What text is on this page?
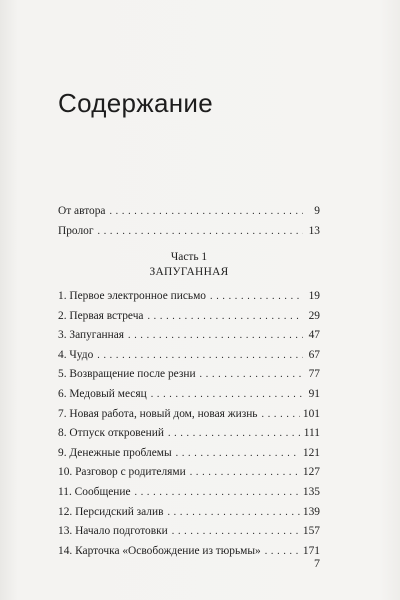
Содержание
От автора . . .	9
Пролог . . .	13
Часть 1
ЗАПУГАННАЯ
1. Первое электронное письмо . . .	19
2. Первая встреча . . .	29
3. Запуганная . . .	47
4. Чудо . . .	67
5. Возвращение после резни . . .	77
6. Медовый месяц . . .	91
7. Новая работа, новый дом, новая жизнь . . .	101
8. Отпуск откровений . . .	111
9. Денежные проблемы . . .	121
10. Разговор с родителями . . .	127
11. Сообщение . . .	135
12. Персидский залив . . .	139
13. Начало подготовки . . .	157
14. Карточка «Освобождение из тюрьмы» . . .	171
7
